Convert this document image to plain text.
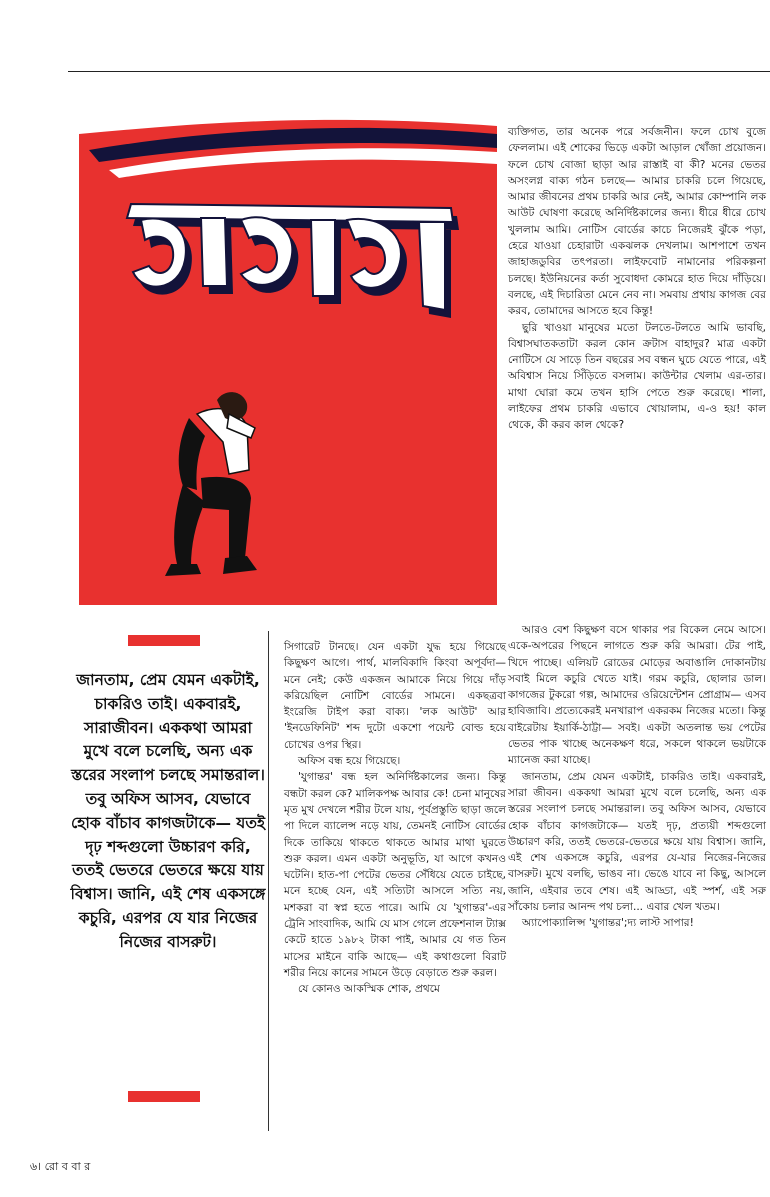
ব্যক্তিগত, তার অনেক পরে সর্বজনীন। ফলে চোখ বুজে ফেললাম। এই শোকের ভিড়ে একটা আড়াল খোঁজা প্রয়োজন। ফলে চোখ বোজা ছাড়া আর রাস্তাই বা কী? মনের ভেতর অসংলগ্ন বাক্য গঠন চলছে— আমার চাকরি চলে গিয়েছে, আমার জীবনের প্রথম চাকরি আর নেই, আমার কোম্পানি লক আউট ঘোষণা করেছে অনির্দিষ্টকালের জন্য। ধীরে ধীরে চোখ খুললাম আমি। নোটিস বোর্ডের কাচে নিজেরই ঝুঁকে পড়া, হেরে যাওয়া চেহারাটা একঝলক দেখলাম। আশপাশে তখন জাহাজডুবির তৎপরতা। লাইফবোট নামানোর পরিকল্পনা চলছে। ইউনিয়নের কর্তা সুবোধদা কোমরে হাত দিয়ে দাঁড়িয়ে। বলছে, এই দিচারিতা মেনে নেব না। সমবায় প্রথায় কাগজ বের করব, তোমাদের আসতে হবে কিন্তু!

ছুরি খাওয়া মানুষের মতো টলতে-টলতে আমি ভাবছি, বিশ্বাসঘাতকতাটা করল কোন ক্রটাস বাহাদুর? মাত্র একটা নোটিসে যে সাড়ে তিন বছরের সব বন্ধন ঘুচে যেতে পারে, এই অবিশ্বাস নিয়ে সিঁড়িতে বসলাম। কাউন্টার খেলাম এর-তার। মাথা ঘোরা কমে তখন হাসি পেতে শুরু করেছে। শালা, লাইফের প্রথম চাকরি এভাবে খোয়ালাম, এ-ও হয়! কাল থেকে, কী করব কাল থেকে?

জানতাম, প্রেম যেমন একটাই, চাকরিও তাই। একবারই, সারাজীবন। এককথা আমরা মুখে বলে চলেছি, অন্য এক স্তরের সংলাপ চলছে সমান্তরাল। তবু অফিস আসব, যেভাবে হোক বাঁচাব কাগজটাকে— যতই দৃঢ় শব্দগুলো উচ্চারণ করি, ততই ভেতরে ভেতরে ক্ষয়ে যায় বিশ্বাস। জানি, এই শেষ একসঙ্গে কচুরি, এরপর যে যার নিজের নিজের বাসরুট।

সিগারেট টানছে। যেন একটা যুদ্ধ হয়ে গিয়েছে কিছুক্ষণ আগে। পার্থ, মালবিকাদি কিংবা অপূর্বদা— মনে নেই; কেউ একজন আমাকে নিয়ে গিয়ে দাঁড় করিয়েছিল নোটিশ বোর্ডের সামনে। একছত্রবা ইংরেজি টাইপ করা বাক্য। 'লক আউট' আর 'ইনডেফিনিট' শব্দ দুটো একশো পয়েন্ট বোল্ড হয়ে চোখের ওপর স্থির।

অফিস বন্ধ হয়ে গিয়েছে।

'যুগান্তর' বন্ধ হল অনির্দিষ্টকালের জন্য। কিন্তু বন্ধটা করল কে? মালিকপক্ষ আবার কে! চেনা মানুষের মৃত মুখ দেখলে শরীর টলে যায়, পূর্বপ্রস্তুতি ছাড়া জলে পা দিলে ব্যালেন্স নড়ে যায়, তেমনই নোটিস বোর্ডের দিকে তাকিয়ে থাকতে থাকতে আমার মাথা ঘুরতে শুরু করল। এমন একটা অনুভূতি, যা আগে কখনও ঘটেনি। হাত-পা পেটের ভেতর সেঁধিয়ে যেতে চাইছে, মনে হচ্ছে যেন, এই সত্যিটা আসলে সত্যি নয়, মশকরা বা স্বপ্ন হতে পারে। আমি যে 'যুগান্তর'-এর ট্রেনি সাংবাদিক, আমি যে মাস গেলে প্রফেশনাল ট্যাক্স কেটে হাতে ১৯৮২ টাকা পাই, আমার যে গত তিন মাসের মাইনে বাকি আছে— এই কথাগুলো বিরাট শরীর নিয়ে কানের সামনে উড়ে বেড়াতে শুরু করল।

যে কোনও আকস্মিক শোক, প্রথমে

আরও বেশ কিছুক্ষণ বসে থাকার পর বিকেল নেমে আসে। একে-অপরের পিছনে লাগতে শুরু করি আমরা। টের পাই, খিদে পাচ্ছে। এলিয়ট রোডের মোড়ের অবাঙালি দোকানটায় সবাই মিলে কচুরি খেতে যাই। গরম কচুরি, ছোলার ডাল। কাগজের টুকরো গল্প, আমাদের ওরিয়েন্টেশন প্রোগ্রাম— এসব হাবিজাবি। প্রত্যেকেরই মনখারাপ একরকম নিজের মতো। কিন্তু বাইরেটায় ইয়ার্কি-ঠাট্টা— সবই। একটা অতলান্ত ভয় পেটের ভেতর পাক খাচ্ছে অনেকক্ষণ ধরে, সকলে থাকলে ভয়টাকে ম্যানেজ করা যাচ্ছে।

জানতাম, প্রেম যেমন একটাই, চাকরিও তাই। একবারই, সারা জীবন। এককথা আমরা মুখে বলে চলেছি, অন্য এক স্তরের সংলাপ চলছে সমান্তরাল। তবু অফিস আসব, যেভাবে হোক বাঁচাব কাগজটাকে— যতই দৃঢ়, প্রত্যয়ী শব্দগুলো উচ্চারণ করি, ততই ভেতরে-ভেতরে ক্ষয়ে যায় বিশ্বাস। জানি, এই শেষ একসঙ্গে কচুরি, এরপর যে-যার নিজের-নিজের বাসরুট। মুখে বলছি, ভাঙব না। ভেঙে যাবে না কিছু, আসলে জানি, এইবার তবে শেষ। এই আড্ডা, এই স্পর্শ, এই সরু সাঁকোয় চলার আনন্দ পথ চলা... এবার খেল খতম।

অ্যাপোক্যালিপ্স 'যুগান্তর';দ্য লাস্ট সাপার!

৬। রো ব বা র
